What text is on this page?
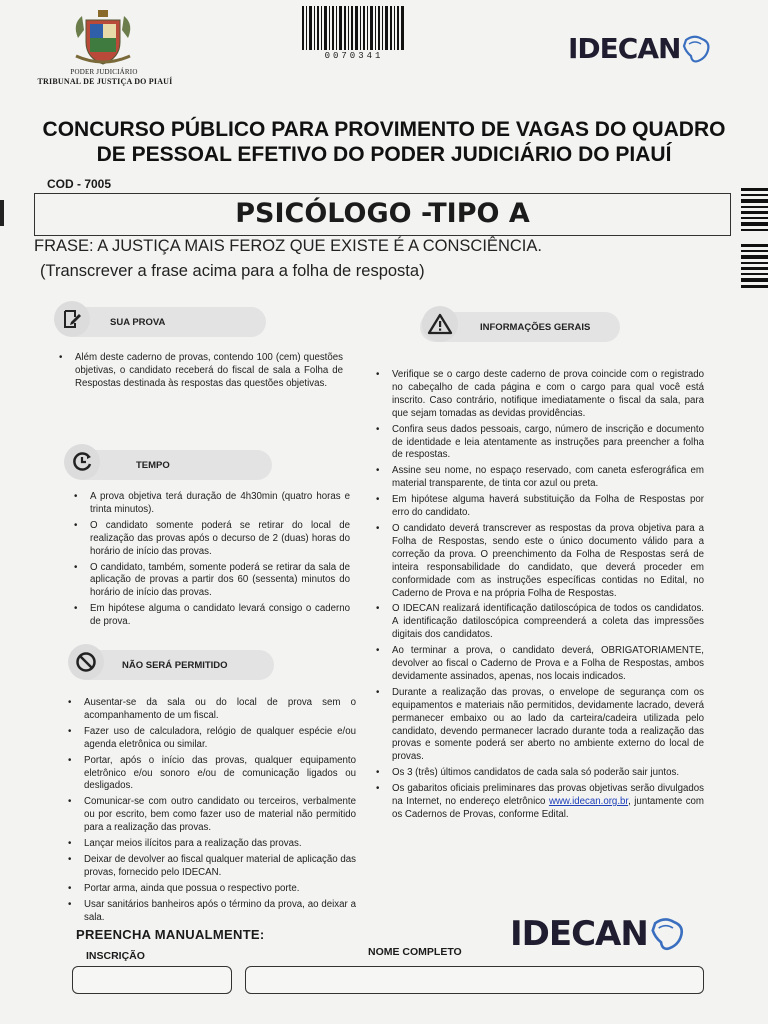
PODER JUDICIÁRIO
TRIBUNAL DE JUSTIÇA DO PIAUÍ
0070341	IDECAN
CONCURSO PÚBLICO PARA PROVIMENTO DE VAGAS DO QUADRO DE PESSOAL EFETIVO DO PODER JUDICIÁRIO DO PIAUÍ
COD - 7005
PSICÓLOGO -TIPO A
FRASE: A JUSTIÇA MAIS FEROZ QUE EXISTE É A CONSCIÊNCIA.
(Transcrever a frase acima para a folha de resposta)
SUA PROVA
• Além deste caderno de provas, contendo 100 (cem) questões objetivas, o candidato receberá do fiscal de sala a Folha de Respostas destinada às respostas das questões objetivas.
TEMPO
• A prova objetiva terá duração de 4h30min (quatro horas e trinta minutos).
• O candidato somente poderá se retirar do local de realização das provas após o decurso de 2 (duas) horas do horário de início das provas.
• O candidato, também, somente poderá se retirar da sala de aplicação de provas a partir dos 60 (sessenta) minutos do horário de início das provas.
• Em hipótese alguma o candidato levará consigo o caderno de prova.
NÃO SERÁ PERMITIDO
• Ausentar-se da sala ou do local de prova sem o acompanhamento de um fiscal.
• Fazer uso de calculadora, relógio de qualquer espécie e/ou agenda eletrônica ou similar.
• Portar, após o início das provas, qualquer equipamento eletrônico e/ou sonoro e/ou de comunicação ligados ou desligados.
• Comunicar-se com outro candidato ou terceiros, verbalmente ou por escrito, bem como fazer uso de material não permitido para a realização das provas.
• Lançar meios ilícitos para a realização das provas.
• Deixar de devolver ao fiscal qualquer material de aplicação das provas, fornecido pelo IDECAN.
• Portar arma, ainda que possua o respectivo porte.
• Usar sanitários banheiros após o término da prova, ao deixar a sala.
INFORMAÇÕES GERAIS
• Verifique se o cargo deste caderno de prova coincide com o registrado no cabeçalho de cada página e com o cargo para qual você está inscrito. Caso contrário, notifique imediatamente o fiscal da sala, para que sejam tomadas as devidas providências.
• Confira seus dados pessoais, cargo, número de inscrição e documento de identidade e leia atentamente as instruções para preencher a folha de respostas.
• Assine seu nome, no espaço reservado, com caneta esferográfica em material transparente, de tinta cor azul ou preta.
• Em hipótese alguma haverá substituição da Folha de Respostas por erro do candidato.
• O candidato deverá transcrever as respostas da prova objetiva para a Folha de Respostas, sendo este o único documento válido para a correção da prova. O preenchimento da Folha de Respostas será de inteira responsabilidade do candidato, que deverá proceder em conformidade com as instruções específicas contidas no Edital, no Caderno de Prova e na própria Folha de Respostas.
• O IDECAN realizará identificação datiloscópica de todos os candidatos. A identificação datiloscópica compreenderá a coleta das impressões digitais dos candidatos.
• Ao terminar a prova, o candidato deverá, OBRIGATORIAMENTE, devolver ao fiscal o Caderno de Prova e a Folha de Respostas, ambos devidamente assinados, apenas, nos locais indicados.
• Durante a realização das provas, o envelope de segurança com os equipamentos e materiais não permitidos, devidamente lacrado, deverá permanecer embaixo ou ao lado da carteira/cadeira utilizada pelo candidato, devendo permanecer lacrado durante toda a realização das provas e somente poderá ser aberto no ambiente externo do local de provas.
• Os 3 (três) últimos candidatos de cada sala só poderão sair juntos.
• Os gabaritos oficiais preliminares das provas objetivas serão divulgados na Internet, no endereço eletrônico www.idecan.org.br, juntamente com os Cadernos de Provas, conforme Edital.
PREENCHA MANUALMENTE:
INSCRIÇÃO	NOME COMPLETO IDECAN
